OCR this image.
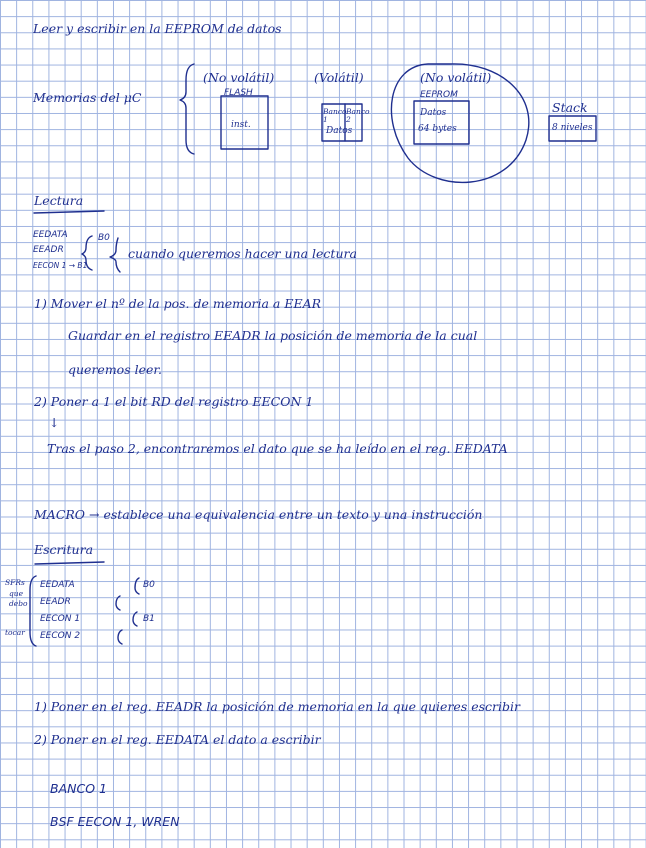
Leer y escribir en la EEPROM de datos
Memorias del μC
(No volátil)
FLASH
inst.
(Volátil)
Banco 1
Banco 2
Datos
(No volátil)
EEPROM
Datos
64 bytes
Stack
8 niveles
Lectura
EEDATA	B0
EEADR
EECON 1 → B1
cuando queremos hacer una lectura
1) Mover el nº de la pos. de memoria a EEAR
Guardar en el registro EEADR la posición de memoria de la cual
queremos leer.
2) Poner a 1 el bit RD del registro EECON 1
↓
Tras el paso 2, encontraremos el dato que se ha leído en el reg. EEDATA
MACRO → establece una equivalencia entre un texto y una instrucción
Escritura
SFRs
que
debo
tocar
EEDATA	B0
EEADR
EECON 1	B1
EECON 2
1) Poner en el reg. EEADR la posición de memoria en la que quieres escribir
2) Poner en el reg. EEDATA el dato a escribir
BANCO 1
BSF EECON 1, WREN
